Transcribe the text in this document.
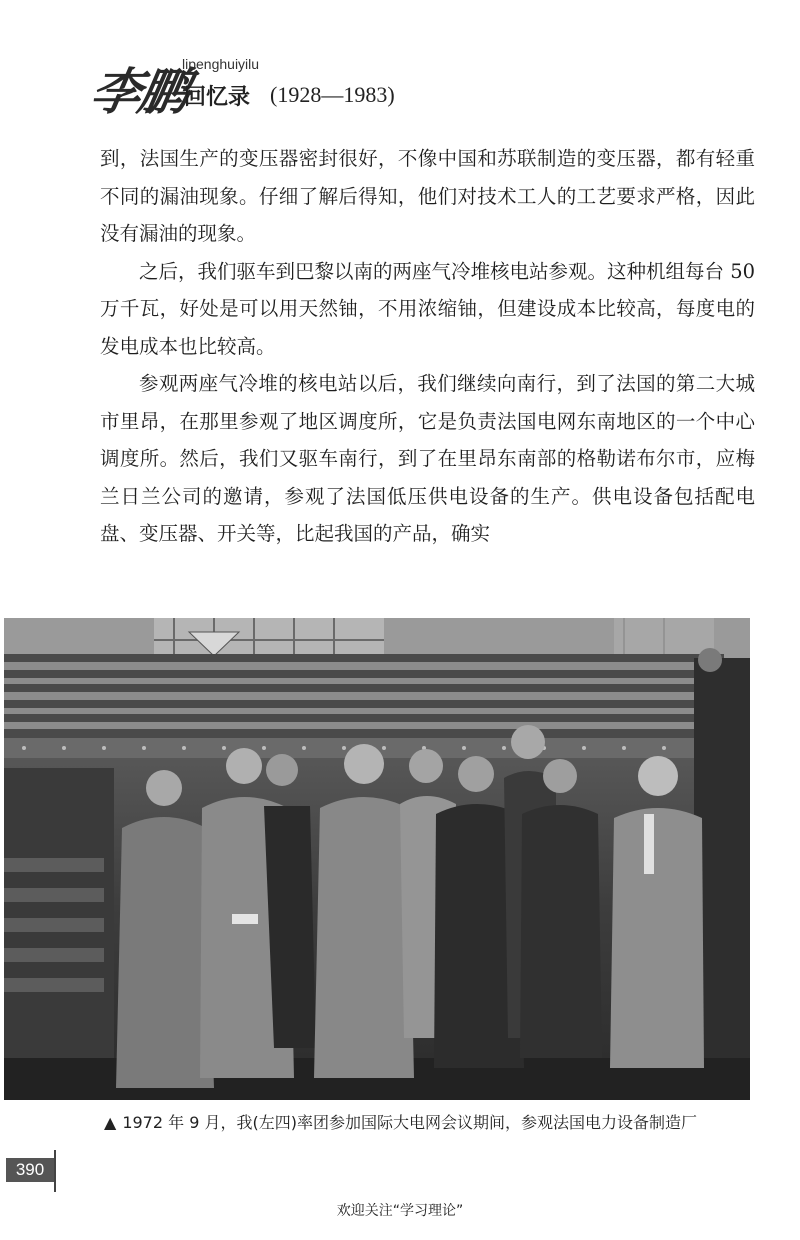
李鹏
lipenghuiyilu
回忆录 (1928—1983)

到，法国生产的变压器密封很好，不像中国和苏联制造的变压器，都有轻重不同的漏油现象。仔细了解后得知，他们对技术工人的工艺要求严格，因此没有漏油的现象。

之后，我们驱车到巴黎以南的两座气冷堆核电站参观。这种机组每台 50 万千瓦，好处是可以用天然铀，不用浓缩铀，但建设成本比较高，每度电的发电成本也比较高。

参观两座气冷堆的核电站以后，我们继续向南行，到了法国的第二大城市里昂，在那里参观了地区调度所，它是负责法国电网东南地区的一个中心调度所。然后，我们又驱车南行，到了在里昂东南部的格勒诺布尔市，应梅兰日兰公司的邀请，参观了法国低压供电设备的生产。供电设备包括配电盘、变压器、开关等，比起我国的产品，确实

▲ 1972 年 9 月，我(左四)率团参加国际大电网会议期间，参观法国电力设备制造厂
390
欢迎关注“学习理论”
